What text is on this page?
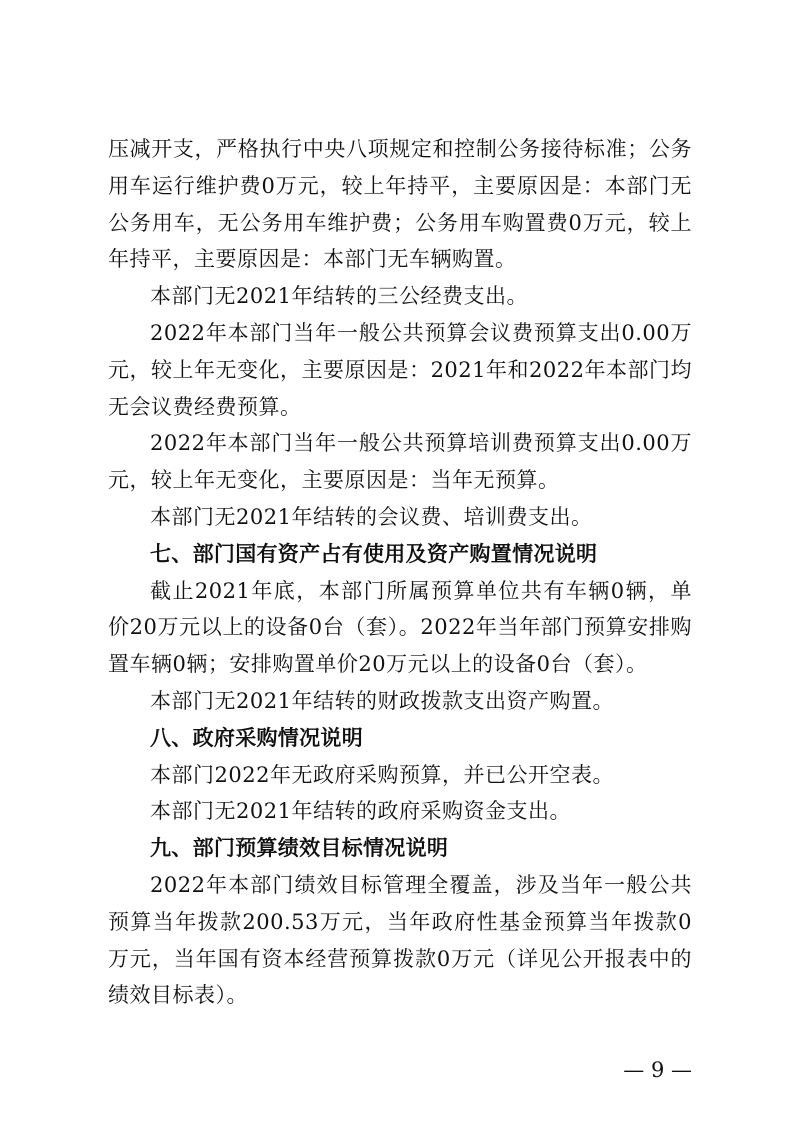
压减开支，严格执行中央八项规定和控制公务接待标准；公务用车运行维护费0万元，较上年持平，主要原因是：本部门无公务用车，无公务用车维护费；公务用车购置费0万元，较上年持平，主要原因是：本部门无车辆购置。

本部门无2021年结转的三公经费支出。

2022年本部门当年一般公共预算会议费预算支出0.00万元，较上年无变化，主要原因是：2021年和2022年本部门均无会议费经费预算。

2022年本部门当年一般公共预算培训费预算支出0.00万元，较上年无变化，主要原因是：当年无预算。

本部门无2021年结转的会议费、培训费支出。

七、部门国有资产占有使用及资产购置情况说明

截止2021年底，本部门所属预算单位共有车辆0辆，单价20万元以上的设备0台（套）。2022年当年部门预算安排购置车辆0辆；安排购置单价20万元以上的设备0台（套）。

本部门无2021年结转的财政拨款支出资产购置。

八、政府采购情况说明

本部门2022年无政府采购预算，并已公开空表。

本部门无2021年结转的政府采购资金支出。

九、部门预算绩效目标情况说明

2022年本部门绩效目标管理全覆盖，涉及当年一般公共预算当年拨款200.53万元，当年政府性基金预算当年拨款0万元，当年国有资本经营预算拨款0万元（详见公开报表中的绩效目标表）。

— 9 —
